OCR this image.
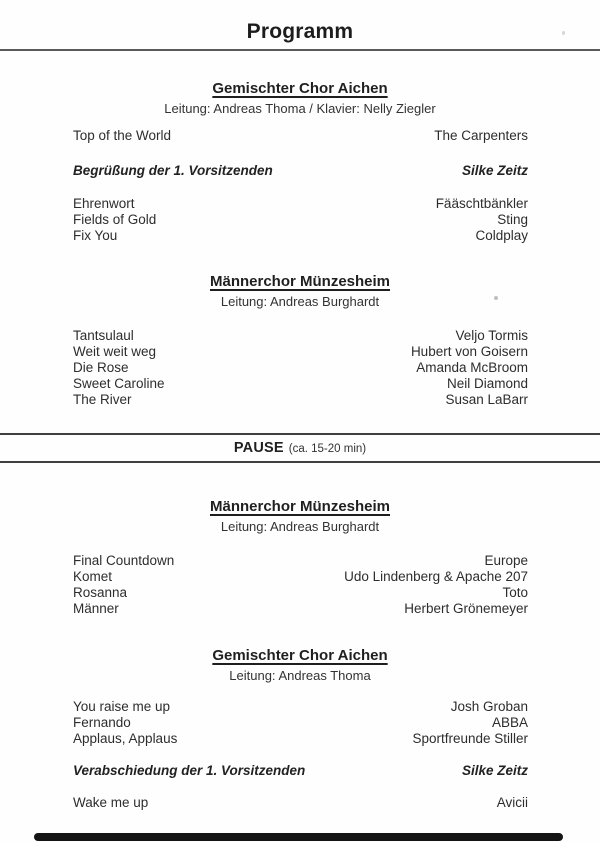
Programm
Gemischter Chor Aichen

Leitung: Andreas Thoma / Klavier: Nelly Ziegler

Top of the World	The Carpenters
Begrüßung der 1. Vorsitzenden	Silke Zeitz
Ehrenwort	Fääschtbänkler
Fields of Gold	Sting
Fix You	Coldplay
Männerchor Münzesheim

Leitung: Andreas Burghardt

Tantsulaul	Veljo Tormis
Weit weit weg	Hubert von Goisern
Die Rose	Amanda McBroom
Sweet Caroline	Neil Diamond
The River	Susan LaBarr
PAUSE (ca. 15-20 min)
Männerchor Münzesheim

Leitung: Andreas Burghardt

Final Countdown	Europe
Komet	Udo Lindenberg & Apache 207
Rosanna	Toto
Männer	Herbert Grönemeyer
Gemischter Chor Aichen

Leitung: Andreas Thoma

You raise me up	Josh Groban
Fernando	ABBA
Applaus, Applaus	Sportfreunde Stiller
Verabschiedung der 1. Vorsitzenden	Silke Zeitz
Wake me up	Avicii
